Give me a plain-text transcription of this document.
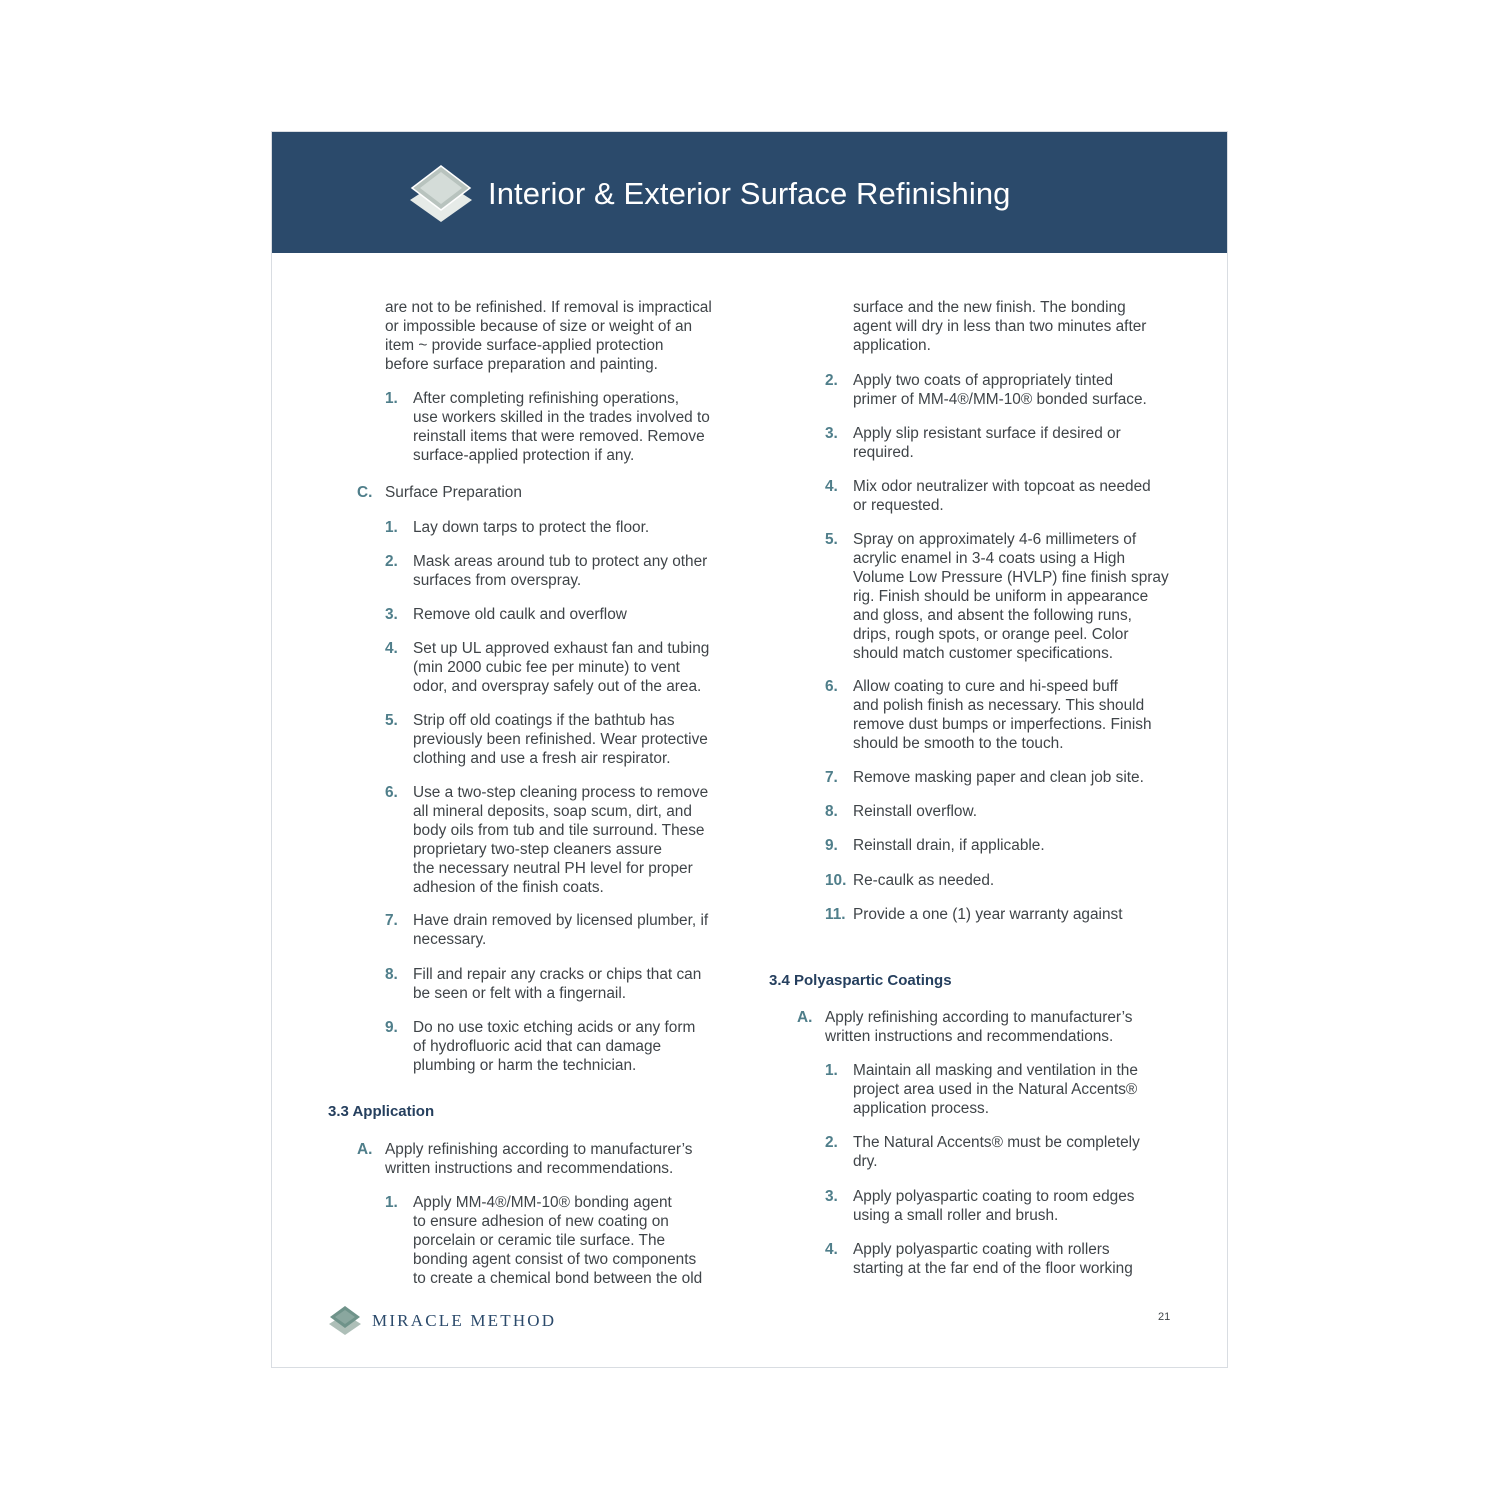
Interior & Exterior Surface Refinishing
are not to be refinished. If removal is impractical
or impossible because of size or weight of an
item ~ provide surface-applied protection
before surface preparation and painting.
1. After completing refinishing operations,
use workers skilled in the trades involved to
reinstall items that were removed. Remove
surface-applied protection if any.
C. Surface Preparation
1. Lay down tarps to protect the floor.
2. Mask areas around tub to protect any other
surfaces from overspray.
3. Remove old caulk and overflow
4. Set up UL approved exhaust fan and tubing
(min 2000 cubic fee per minute) to vent
odor, and overspray safely out of the area.
5. Strip off old coatings if the bathtub has
previously been refinished. Wear protective
clothing and use a fresh air respirator.
6. Use a two-step cleaning process to remove
all mineral deposits, soap scum, dirt, and
body oils from tub and tile surround. These
proprietary two-step cleaners assure
the necessary neutral PH level for proper
adhesion of the finish coats.
7. Have drain removed by licensed plumber, if
necessary.
8. Fill and repair any cracks or chips that can
be seen or felt with a fingernail.
9. Do no use toxic etching acids or any form
of hydrofluoric acid that can damage
plumbing or harm the technician.
3.3 Application
A. Apply refinishing according to manufacturer’s
written instructions and recommendations.
1. Apply MM-4®/MM-10® bonding agent
to ensure adhesion of new coating on
porcelain or ceramic tile surface. The
bonding agent consist of two components
to create a chemical bond between the old
surface and the new finish. The bonding
agent will dry in less than two minutes after
application.
2. Apply two coats of appropriately tinted
primer of MM-4®/MM-10® bonded surface.
3. Apply slip resistant surface if desired or
required.
4. Mix odor neutralizer with topcoat as needed
or requested.
5. Spray on approximately 4-6 millimeters of
acrylic enamel in 3-4 coats using a High
Volume Low Pressure (HVLP) fine finish spray
rig. Finish should be uniform in appearance
and gloss, and absent the following runs,
drips, rough spots, or orange peel. Color
should match customer specifications.
6. Allow coating to cure and hi-speed buff
and polish finish as necessary. This should
remove dust bumps or imperfections. Finish
should be smooth to the touch.
7. Remove masking paper and clean job site.
8. Reinstall overflow.
9. Reinstall drain, if applicable.
10. Re-caulk as needed.
11. Provide a one (1) year warranty against
3.4 Polyaspartic Coatings
A. Apply refinishing according to manufacturer’s
written instructions and recommendations.
1. Maintain all masking and ventilation in the
project area used in the Natural Accents®
application process.
2. The Natural Accents® must be completely
dry.
3. Apply polyaspartic coating to room edges
using a small roller and brush.
4. Apply polyaspartic coating with rollers
starting at the far end of the floor working
MIRACLE METHOD	21
